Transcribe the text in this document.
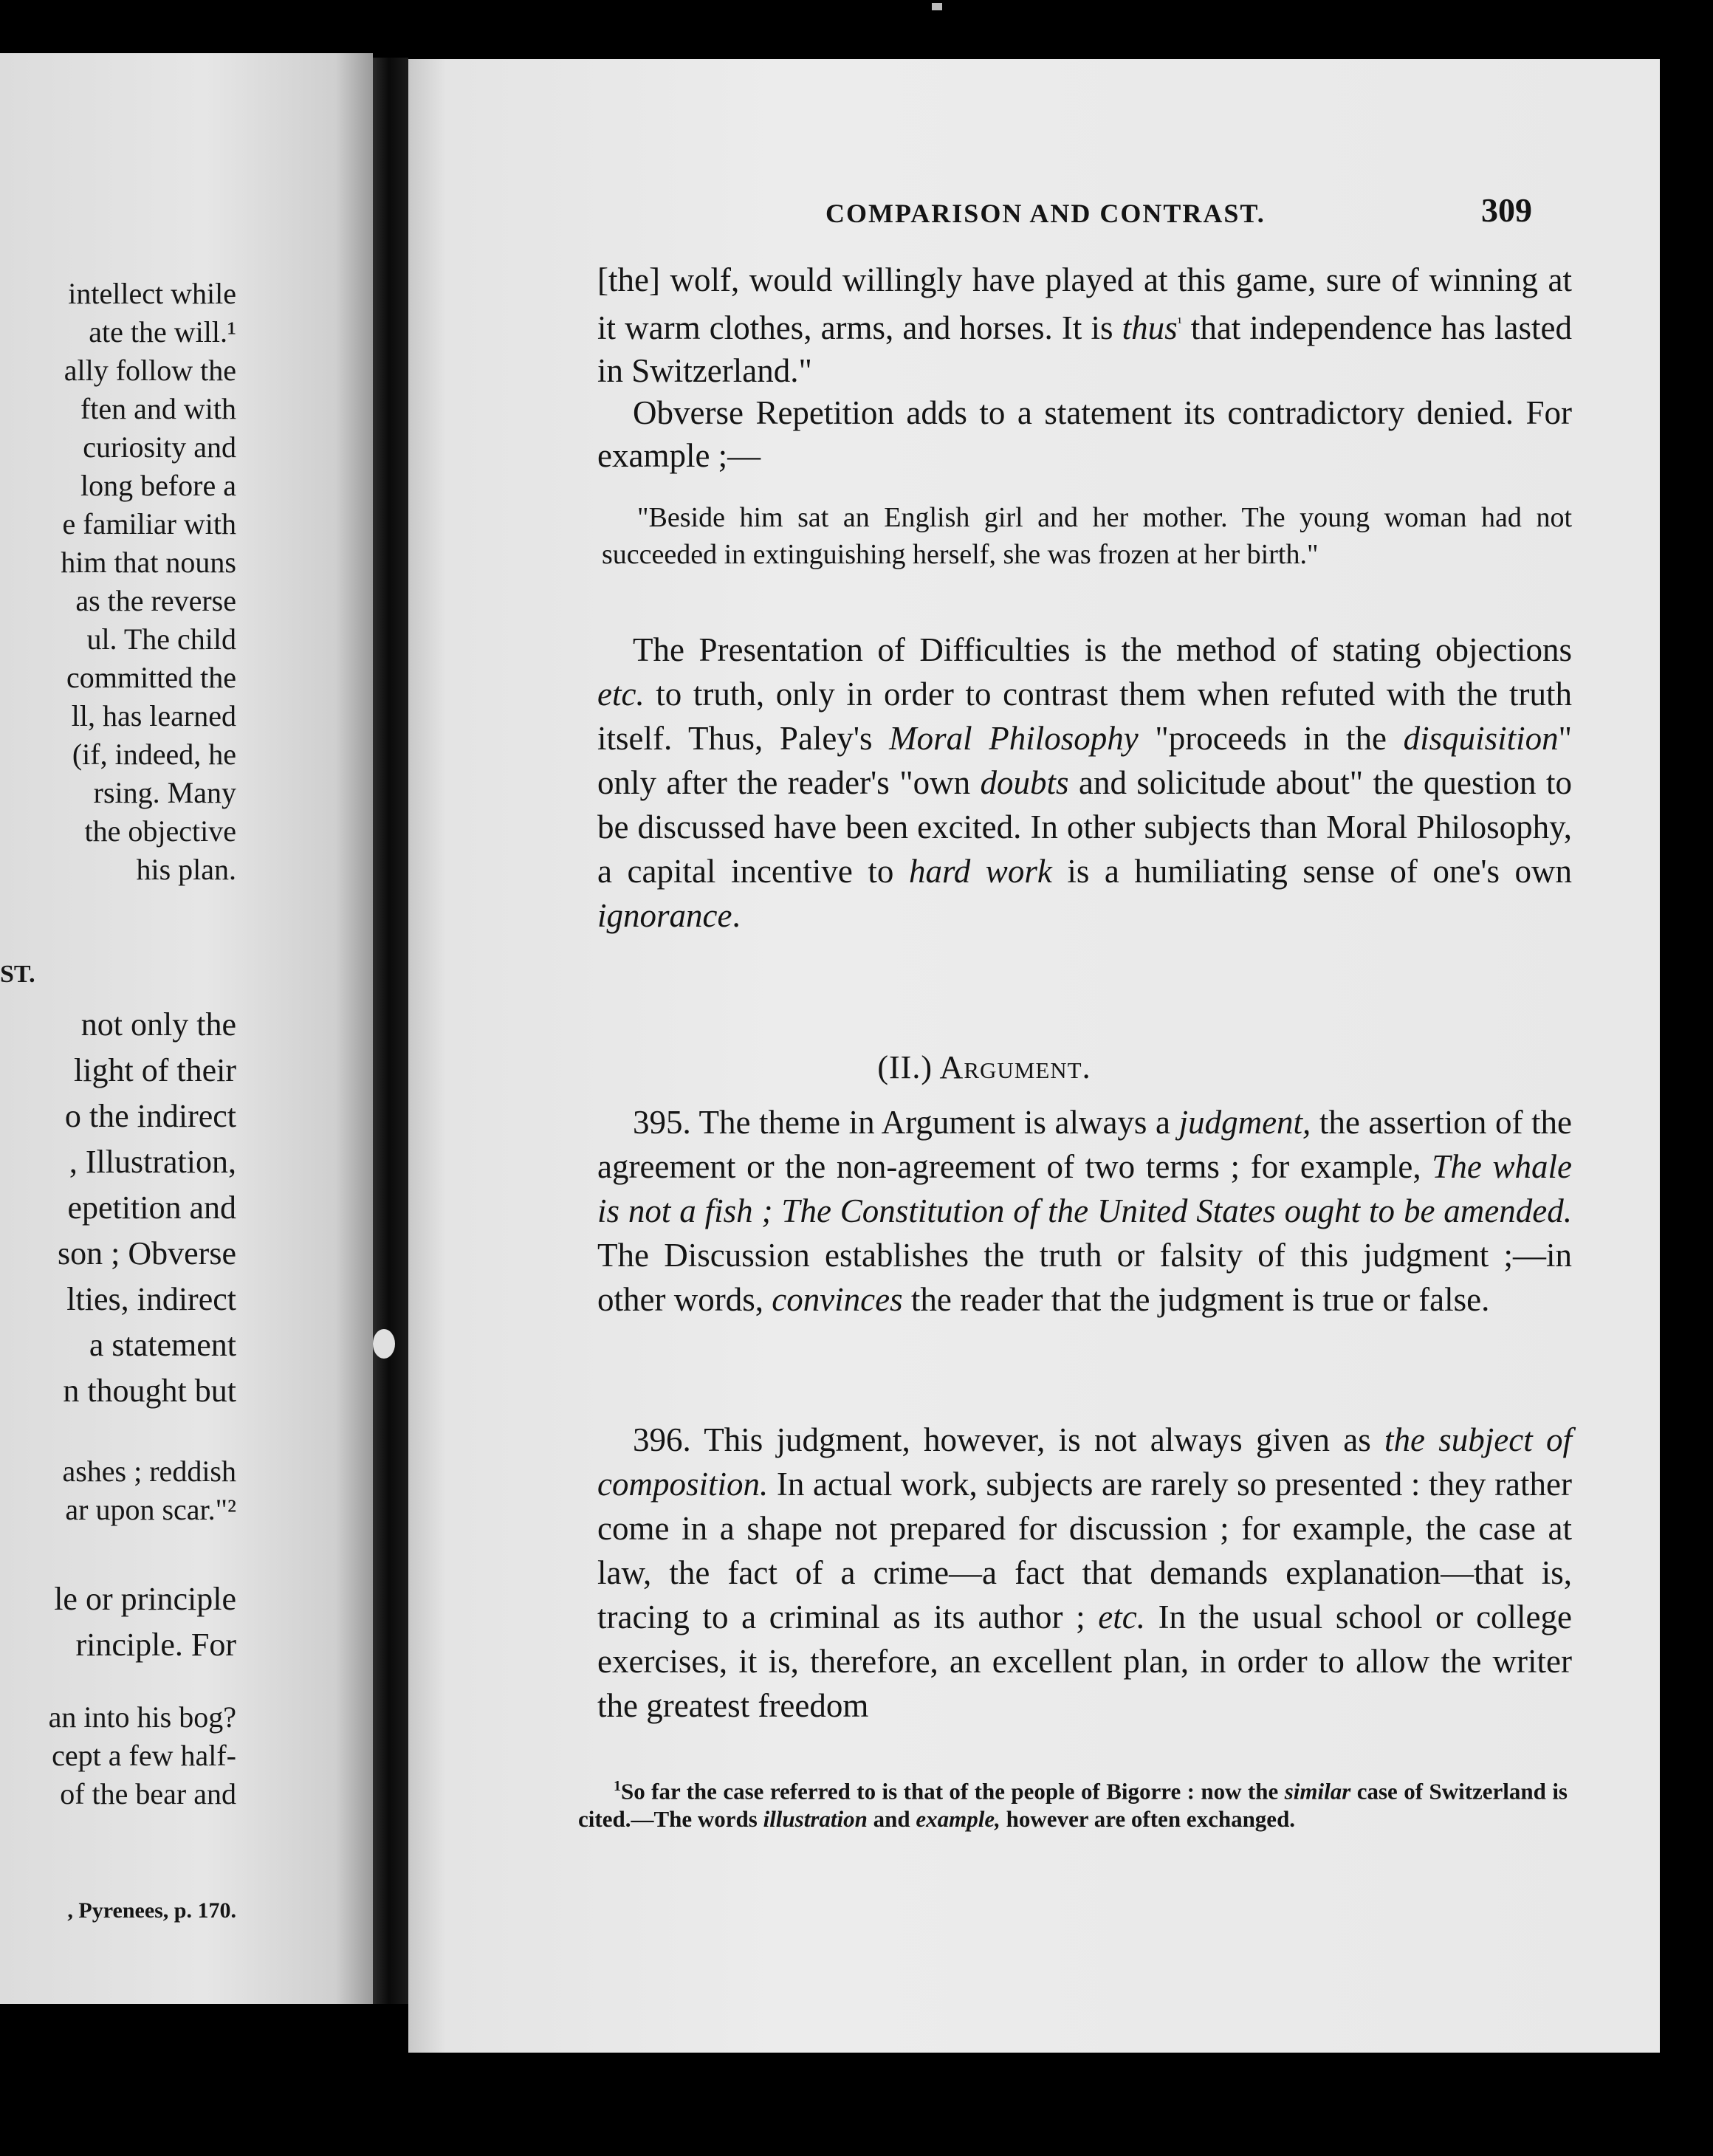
intellect while
ate the will.¹
ally follow the
ften and with
curiosity and
long before a
e familiar with
him that nouns
as the reverse
ul. The child
committed the
ll, has learned
(if, indeed, he
rsing. Many
the objective
his plan.
ST.
not only the
light of their
o the indirect
, Illustration,
epetition and
son ; Obverse
lties, indirect
a statement
n thought but
ashes ; reddish
ar upon scar."²
le or principle
rinciple. For
an into his bog?
cept a few half-
of the bear and
, Pyrenees, p. 170.
COMPARISON AND CONTRAST.	309
[the] wolf, would willingly have played at this game, sure of winning at it warm clothes, arms, and horses. It is thus$^{^1}$ that independence has lasted in Switzerland."
Obverse Repetition adds to a statement its contradictory denied. For example ;—
"Beside him sat an English girl and her mother. The young woman had not succeeded in extinguishing herself, she was frozen at her birth."
The Presentation of Difficulties is the method of stating objections etc. to truth, only in order to contrast them when refuted with the truth itself. Thus, Paley's Moral Philosophy "proceeds in the disquisition" only after the reader's "own doubts and solicitude about" the question to be discussed have been excited. In other subjects than Moral Philosophy, a capital incentive to hard work is a humiliating sense of one's own ignorance.
(II.) Argument.
395. The theme in Argument is always a judgment, the assertion of the agreement or the non-agreement of two terms ; for example, The whale is not a fish ; The Constitution of the United States ought to be amended. The Discussion establishes the truth or falsity of this judgment ;—in other words, convinces the reader that the judgment is true or false.
396. This judgment, however, is not always given as the subject of composition. In actual work, subjects are rarely so presented : they rather come in a shape not prepared for discussion ; for example, the case at law, the fact of a crime—a fact that demands explanation—that is, tracing to a criminal as its author ; etc. In the usual school or college exercises, it is, therefore, an excellent plan, in order to allow the writer the greatest freedom
$^1$So far the case referred to is that of the people of Bigorre : now the similar case of Switzerland is cited.—The words illustration and example, however are often exchanged.
